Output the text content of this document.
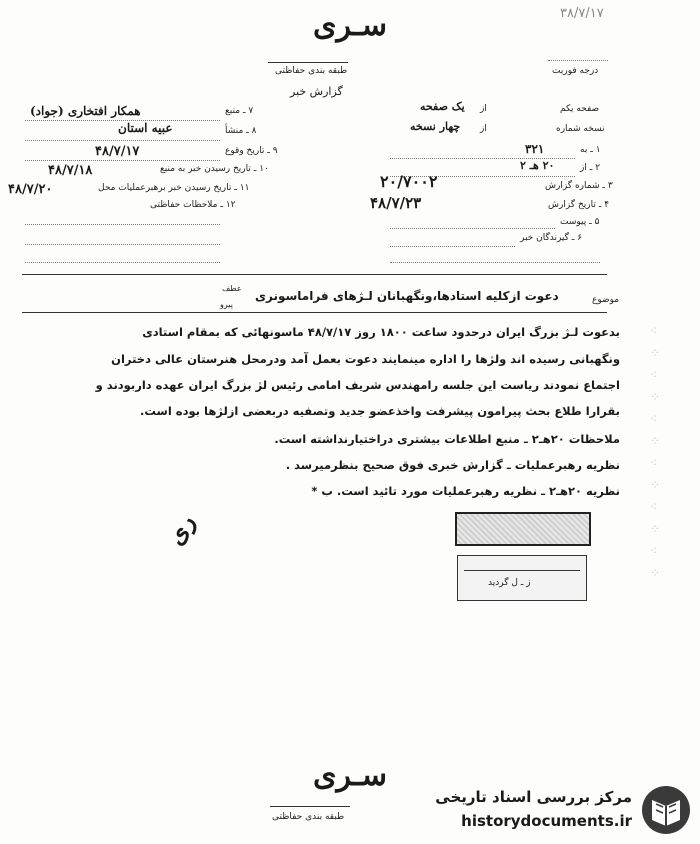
۳۸/۷/۱۷
سـری
طبقه بندی حفاظتی
گزارش خبر
درجه فوریت
۷ ـ منبع
همکار افتخاری (جواد)
۸ ـ منشأ
عبیه استان
۹ ـ تاریخ وقوع
۴۸/۷/۱۷
۱۰ ـ تاریخ رسیدن خبر به منبع
۴۸/۷/۱۸
۱۱ ـ تاریخ رسیدن خبر برهبرعملیات محل
۴۸/۷/۲۰
۱۲ ـ ملاحظات حفاظتی
صفحه یکم
از
یک صفحه
نسخه شماره
از
چهار نسخه
۱ ـ به
۳۲۱
۲ ـ از
۲۰ هـ ۲
۳ ـ شماره گزارش
۲۰/۷۰۰۲
۴ ـ تاریخ گزارش
۴۸/۷/۲۳
۵ ـ پیوست
۶ ـ گیرندگان خبر
موضوع
دعوت ازکلیه استادها،ونگهبانان لـژهای فراماسونری
عطف
پیرو
بدعوت لـژ بزرگ ایران درحدود ساعت ۱۸۰۰ روز ۴۸/۷/۱۷ ماسونهائی که بمقام استادی
ونگهبانی رسیده اند ولژها را اداره مینمایند دعوت بعمل آمد ودرمحل هنرستان عالی دختران
اجتماع نمودند ریاست این جلسه رامهندس شریف امامی رئیس لژ بزرگ ایران عهده داربودند و
بقرارا طلاع بحث پیرامون پیشرفت واخذعضو جدید وتصفیه دربعضی ازلژها بوده است.
ملاحظات ۲۰هـ۲ ـ منبع اطلاعات بیشتری دراختیارنداشته است.
نظریه رهبرعملیات ـ گزارش خبری فوق صحیح بنظرمیرسد .
نظریه ۲۰هـ۲ ـ نظریه رهبرعملیات مورد تائید است. ب *
ری
ز ـ ل گردید
⁖
⁘
⁖
⁘
⁖
⁘
⁖
⁘
⁖
⁘
⁖
⁘
سـری
طبقه بندی حفاظتی
مرکز بررسی اسناد تاریخی
historydocuments.ir
